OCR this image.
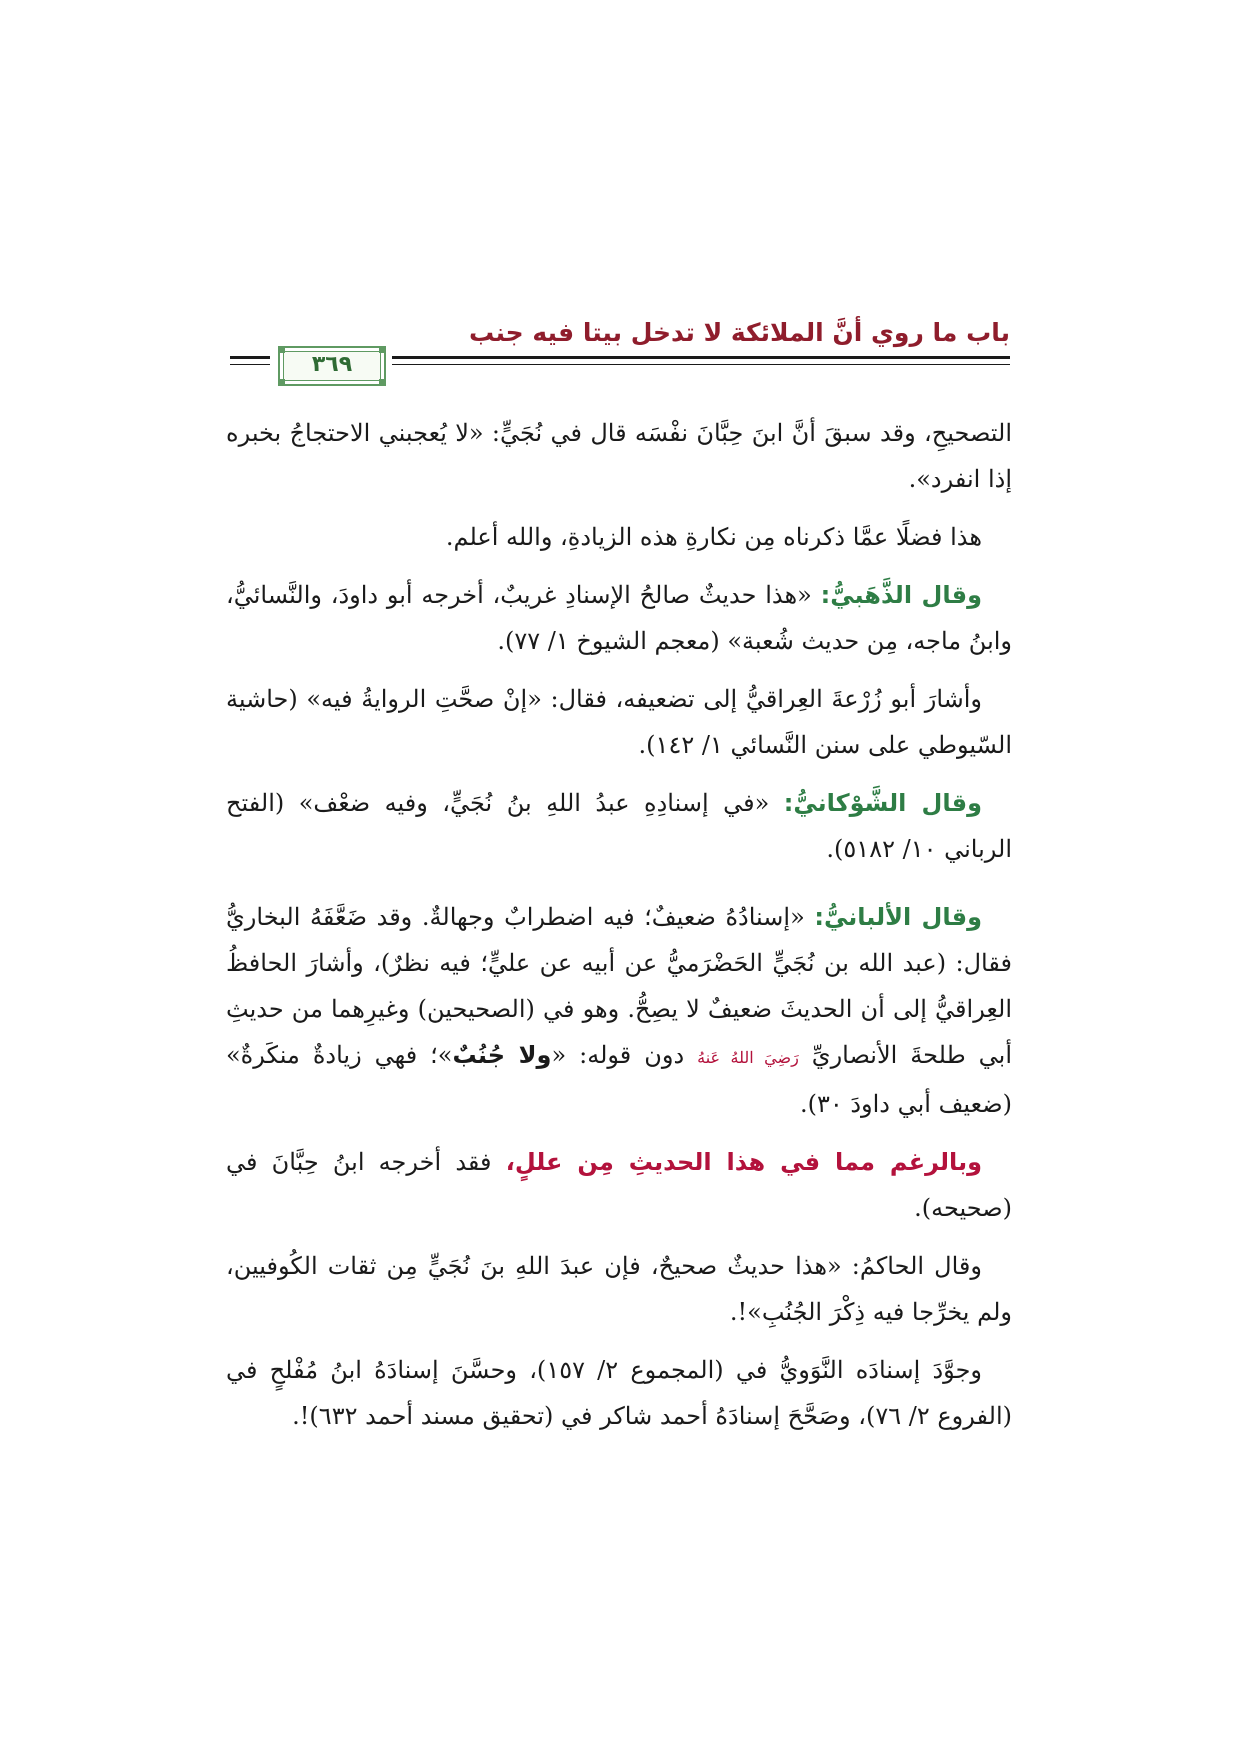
باب ما روي أنَّ الملائكة لا تدخل بيتا فيه جنب
٣٦٩

التصحيحِ، وقد سبقَ أنَّ ابنَ حِبَّانَ نفْسَه قال في نُجَيٍّ: «لا يُعجبني الاحتجاجُ بخبره إذا انفرد».

هذا فضلًا عمَّا ذكرناه مِن نكارةِ هذه الزيادةِ، والله أعلم.

وقال الذَّهَبيُّ: «هذا حديثٌ صالحُ الإسنادِ غريبٌ، أخرجه أبو داودَ، والنَّسائيُّ، وابنُ ماجه، مِن حديث شُعبة» (معجم الشيوخ ١/ ٧٧).

وأشارَ أبو زُرْعةَ العِراقيُّ إلى تضعيفه، فقال: «إنْ صحَّتِ الروايةُ فيه» (حاشية السّيوطي على سنن النَّسائي ١/ ١٤٢).

وقال الشَّوْكانيُّ: «في إسنادِهِ عبدُ اللهِ بنُ نُجَيٍّ، وفيه ضعْف» (الفتح الرباني ١٠/ ٥١٨٢).

وقال الألبانيُّ: «إسنادُهُ ضعيفٌ؛ فيه اضطرابٌ وجهالةٌ. وقد ضَعَّفَهُ البخاريُّ فقال: (عبد الله بن نُجَيٍّ الحَضْرَميُّ عن أبيه عن عليٍّ؛ فيه نظرٌ)، وأشارَ الحافظُ العِراقيُّ إلى أن الحديثَ ضعيفٌ لا يصِحُّ. وهو في (الصحيحين) وغيرِهما من حديثِ أبي طلحةَ الأنصاريِّ رَضِيَ اللهُ عَنهُ دون قوله: «ولا جُنُبٌ»؛ فهي زيادةٌ منكَرةٌ» (ضعيف أبي داودَ ٣٠).

وبالرغم مما في هذا الحديثِ مِن عللٍ، فقد أخرجه ابنُ حِبَّانَ في (صحيحه).

وقال الحاكمُ: «هذا حديثٌ صحيحٌ، فإن عبدَ اللهِ بنَ نُجَيٍّ مِن ثقات الكُوفيين، ولم يخرِّجا فيه ذِكْرَ الجُنُبِ»!.

وجوَّدَ إسنادَه النَّوَويُّ في (المجموع ٢/ ١٥٧)، وحسَّنَ إسنادَهُ ابنُ مُفْلحٍ في (الفروع ٢/ ٧٦)، وصَحَّحَ إسنادَهُ أحمد شاكر في (تحقيق مسند أحمد ٦٣٢)!.
